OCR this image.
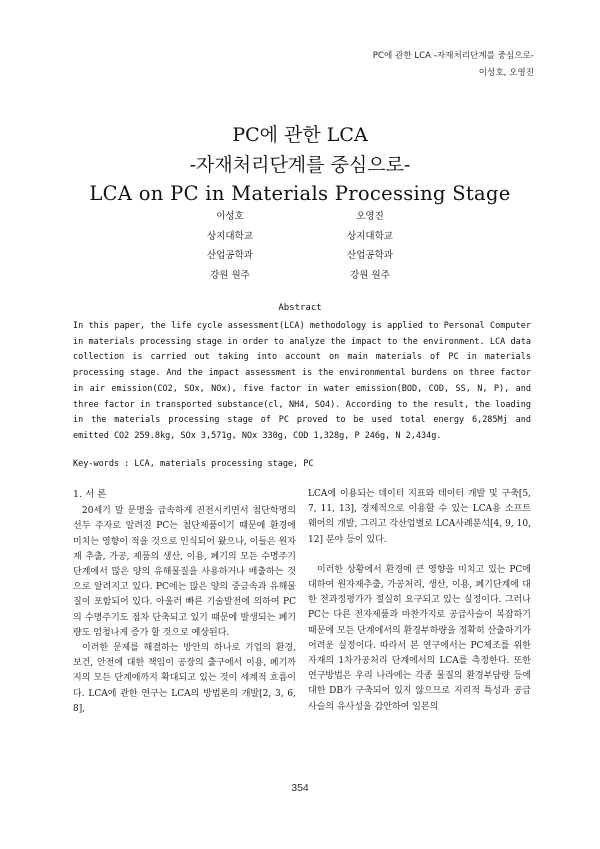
PC에 관한 LCA -자재처리단계를 중심으로-
이성호, 오영진
PC에 관한 LCA
-자재처리단계를 중심으로-
LCA on PC in Materials Processing Stage
이성호
상지대학교
산업공학과
강원 원주
오영진
상지대학교
산업공학과
강원 원주
Abstract

In this paper, the life cycle assessment(LCA) methodology is applied to Personal Computer in materials processing stage in order to analyze the impact to the environment. LCA data collection is carried out taking into account on main materials of PC in materials processing stage. And the impact assessment is the environmental burdens on three factor in air emission(CO2, SOx, NOx), five factor in water emission(BOD, COD, SS, N, P), and three factor in transported substance(cl, NH4, SO4). According to the result, the loading in the materials processing stage of PC proved to be used total energy 6,285Mj and emitted CO2 259.8kg, SOx 3,571g, NOx 330g, COD 1,328g, P 246g, N 2,434g.

Key-words : LCA, materials processing stage, PC
1. 서 론

20세기 말 문명을 급속하게 진전시키면서 첨단학명의 선두 주자로 알려진 PC는 첨단제품이기 때문에 환경에 미치는 영향이 적을 것으로 인식되어 왔으나, 이들은 원자재 추출, 가공, 제품의 생산, 이용, 폐기의 모든 수명주기단계에서 많은 양의 유해물질을 사용하거나 배출하는 것으로 알려지고 있다. PC에는 많은 양의 중금속과 유해물질이 포함되어 있다. 아울러 빠른 기술발전에 의하여 PC의 수명주기도 점차 단축되고 있기 때문에 발생되는 폐기량도 엄청나게 증가 할 것으로 예상된다.

이러한 문제를 해결하는 방안의 하나로 기업의 환경, 보건, 안전에 대한 책임이 공장의 출구에서 이용, 폐기까지의 모든 단계에까지 확대되고 있는 것이 세계적 흐름이다. LCA에 관한 연구는 LCA의 방법론의 개발[2, 3, 6, 8],

LCA에 이용되는 데이터 지표와 데이터 개발 및 구축[5, 7, 11, 13], 경제적으로 이용할 수 있는 LCA용 소프트 웨어의 개발, 그리고 각산업별로 LCA사례분석[4, 9, 10, 12] 분야 등이 있다.

이러한 상황에서 환경에 큰 영향을 미치고 있는 PC에 대하여 원자재추출, 가공처리, 생산, 이용, 폐기단계에 대한 전과정평가가 절실히 요구되고 있는 실정이다. 그러나 PC는 다른 전자제품과 마찬가지로 공급사슬이 복잡하기 때문에 모든 단계에서의 환경부하량을 정확히 산출하기가 어려운 실정이다. 따라서 본 연구에서는 PC제조를 위한 자재의 1차가공처리 단계에서의 LCA를 측정한다. 또한 연구방법은 우리 나라에는 각종 물질의 환경부담량 등에 대한 DB가 구축되어 있지 않으므로 지리적 특성과 공급사슬의 유사성을 감안하여 일본의

354
